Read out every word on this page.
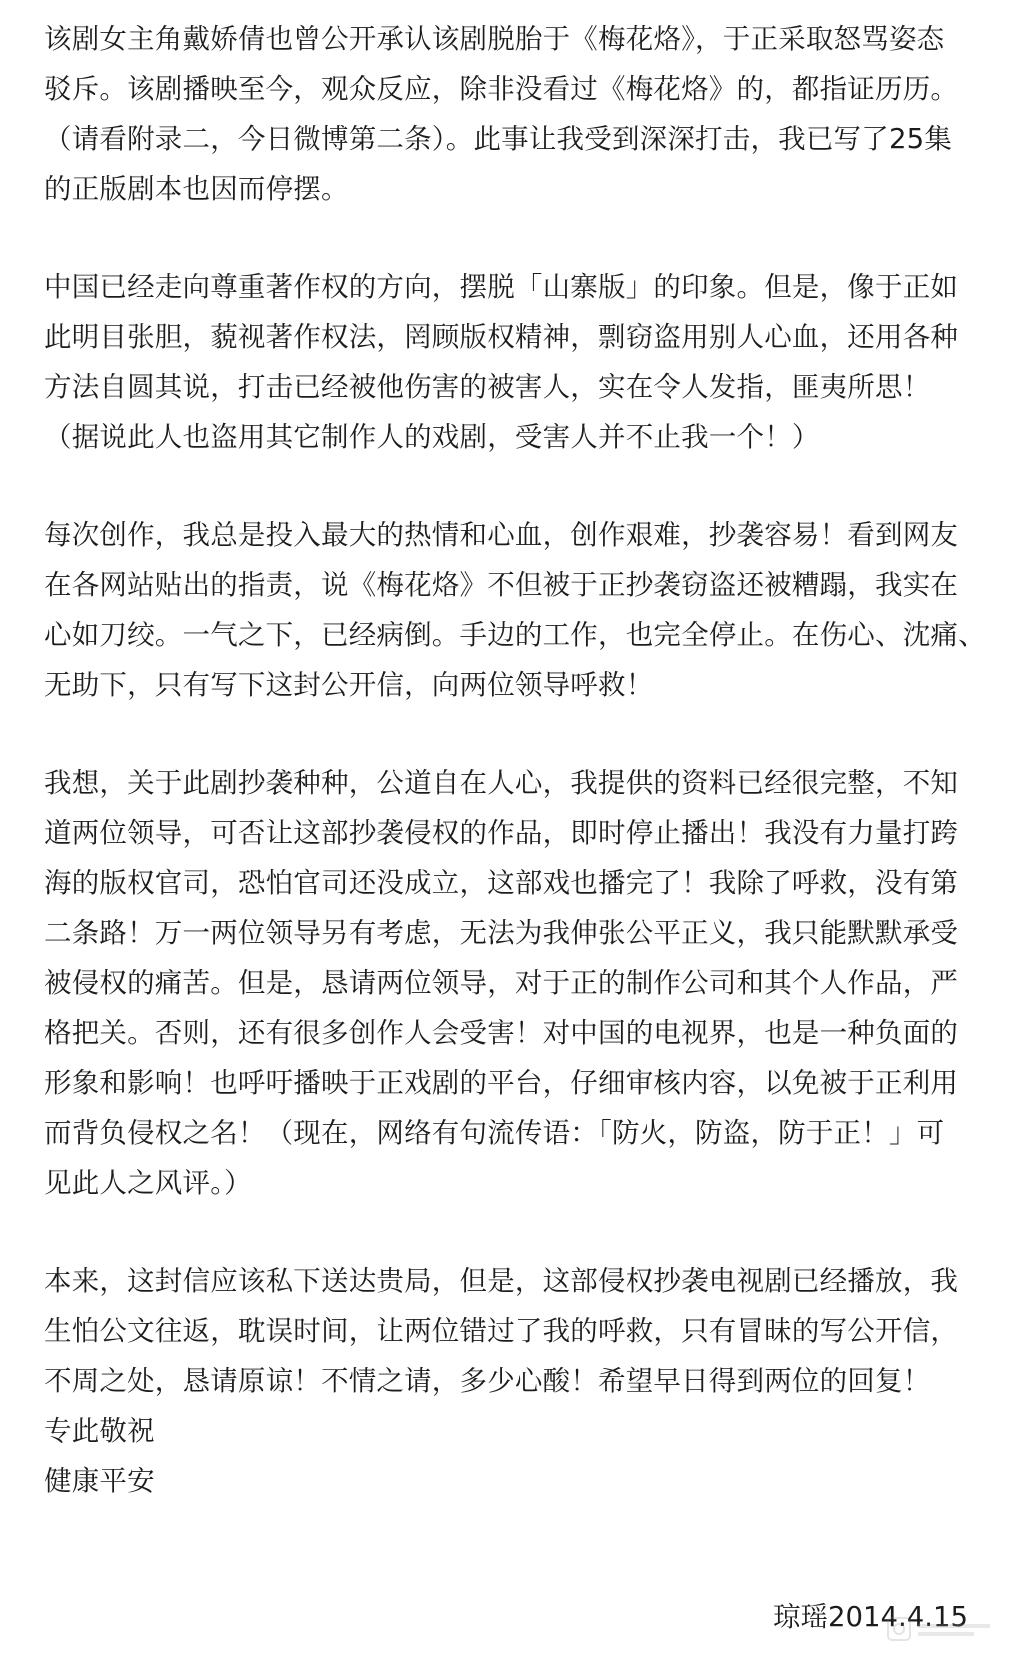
该剧女主角戴娇倩也曾公开承认该剧脱胎于《梅花烙》，于正采取怒骂姿态
驳斥。该剧播映至今，观众反应，除非没看过《梅花烙》的，都指证历历。
（请看附录二，今日微博第二条）。此事让我受到深深打击，我已写了25集
的正版剧本也因而停摆。
中国已经走向尊重著作权的方向，摆脱「山寨版」的印象。但是，像于正如
此明目张胆，藐视著作权法，罔顾版权精神，剽窃盗用别人心血，还用各种
方法自圆其说，打击已经被他伤害的被害人，实在令人发指，匪夷所思！
（据说此人也盗用其它制作人的戏剧，受害人并不止我一个！）
每次创作，我总是投入最大的热情和心血，创作艰难，抄袭容易！看到网友
在各网站贴出的指责，说《梅花烙》不但被于正抄袭窃盗还被糟蹋，我实在
心如刀绞。一气之下，已经病倒。手边的工作，也完全停止。在伤心、沈痛、
无助下，只有写下这封公开信，向两位领导呼救！
我想，关于此剧抄袭种种，公道自在人心，我提供的资料已经很完整，不知
道两位领导，可否让这部抄袭侵权的作品，即时停止播出！我没有力量打跨
海的版权官司，恐怕官司还没成立，这部戏也播完了！我除了呼救，没有第
二条路！万一两位领导另有考虑，无法为我伸张公平正义，我只能默默承受
被侵权的痛苦。但是，恳请两位领导，对于正的制作公司和其个人作品，严
格把关。否则，还有很多创作人会受害！对中国的电视界，也是一种负面的
形象和影响！也呼吁播映于正戏剧的平台，仔细审核内容，以免被于正利用
而背负侵权之名！（现在，网络有句流传语：「防火，防盗，防于正！」可
见此人之风评。）
本来，这封信应该私下送达贵局，但是，这部侵权抄袭电视剧已经播放，我
生怕公文往返，耽误时间，让两位错过了我的呼救，只有冒昧的写公开信，
不周之处，恳请原谅！不情之请，多少心酸！希望早日得到两位的回复！
专此敬祝
健康平安
琼瑶2014.4.15
